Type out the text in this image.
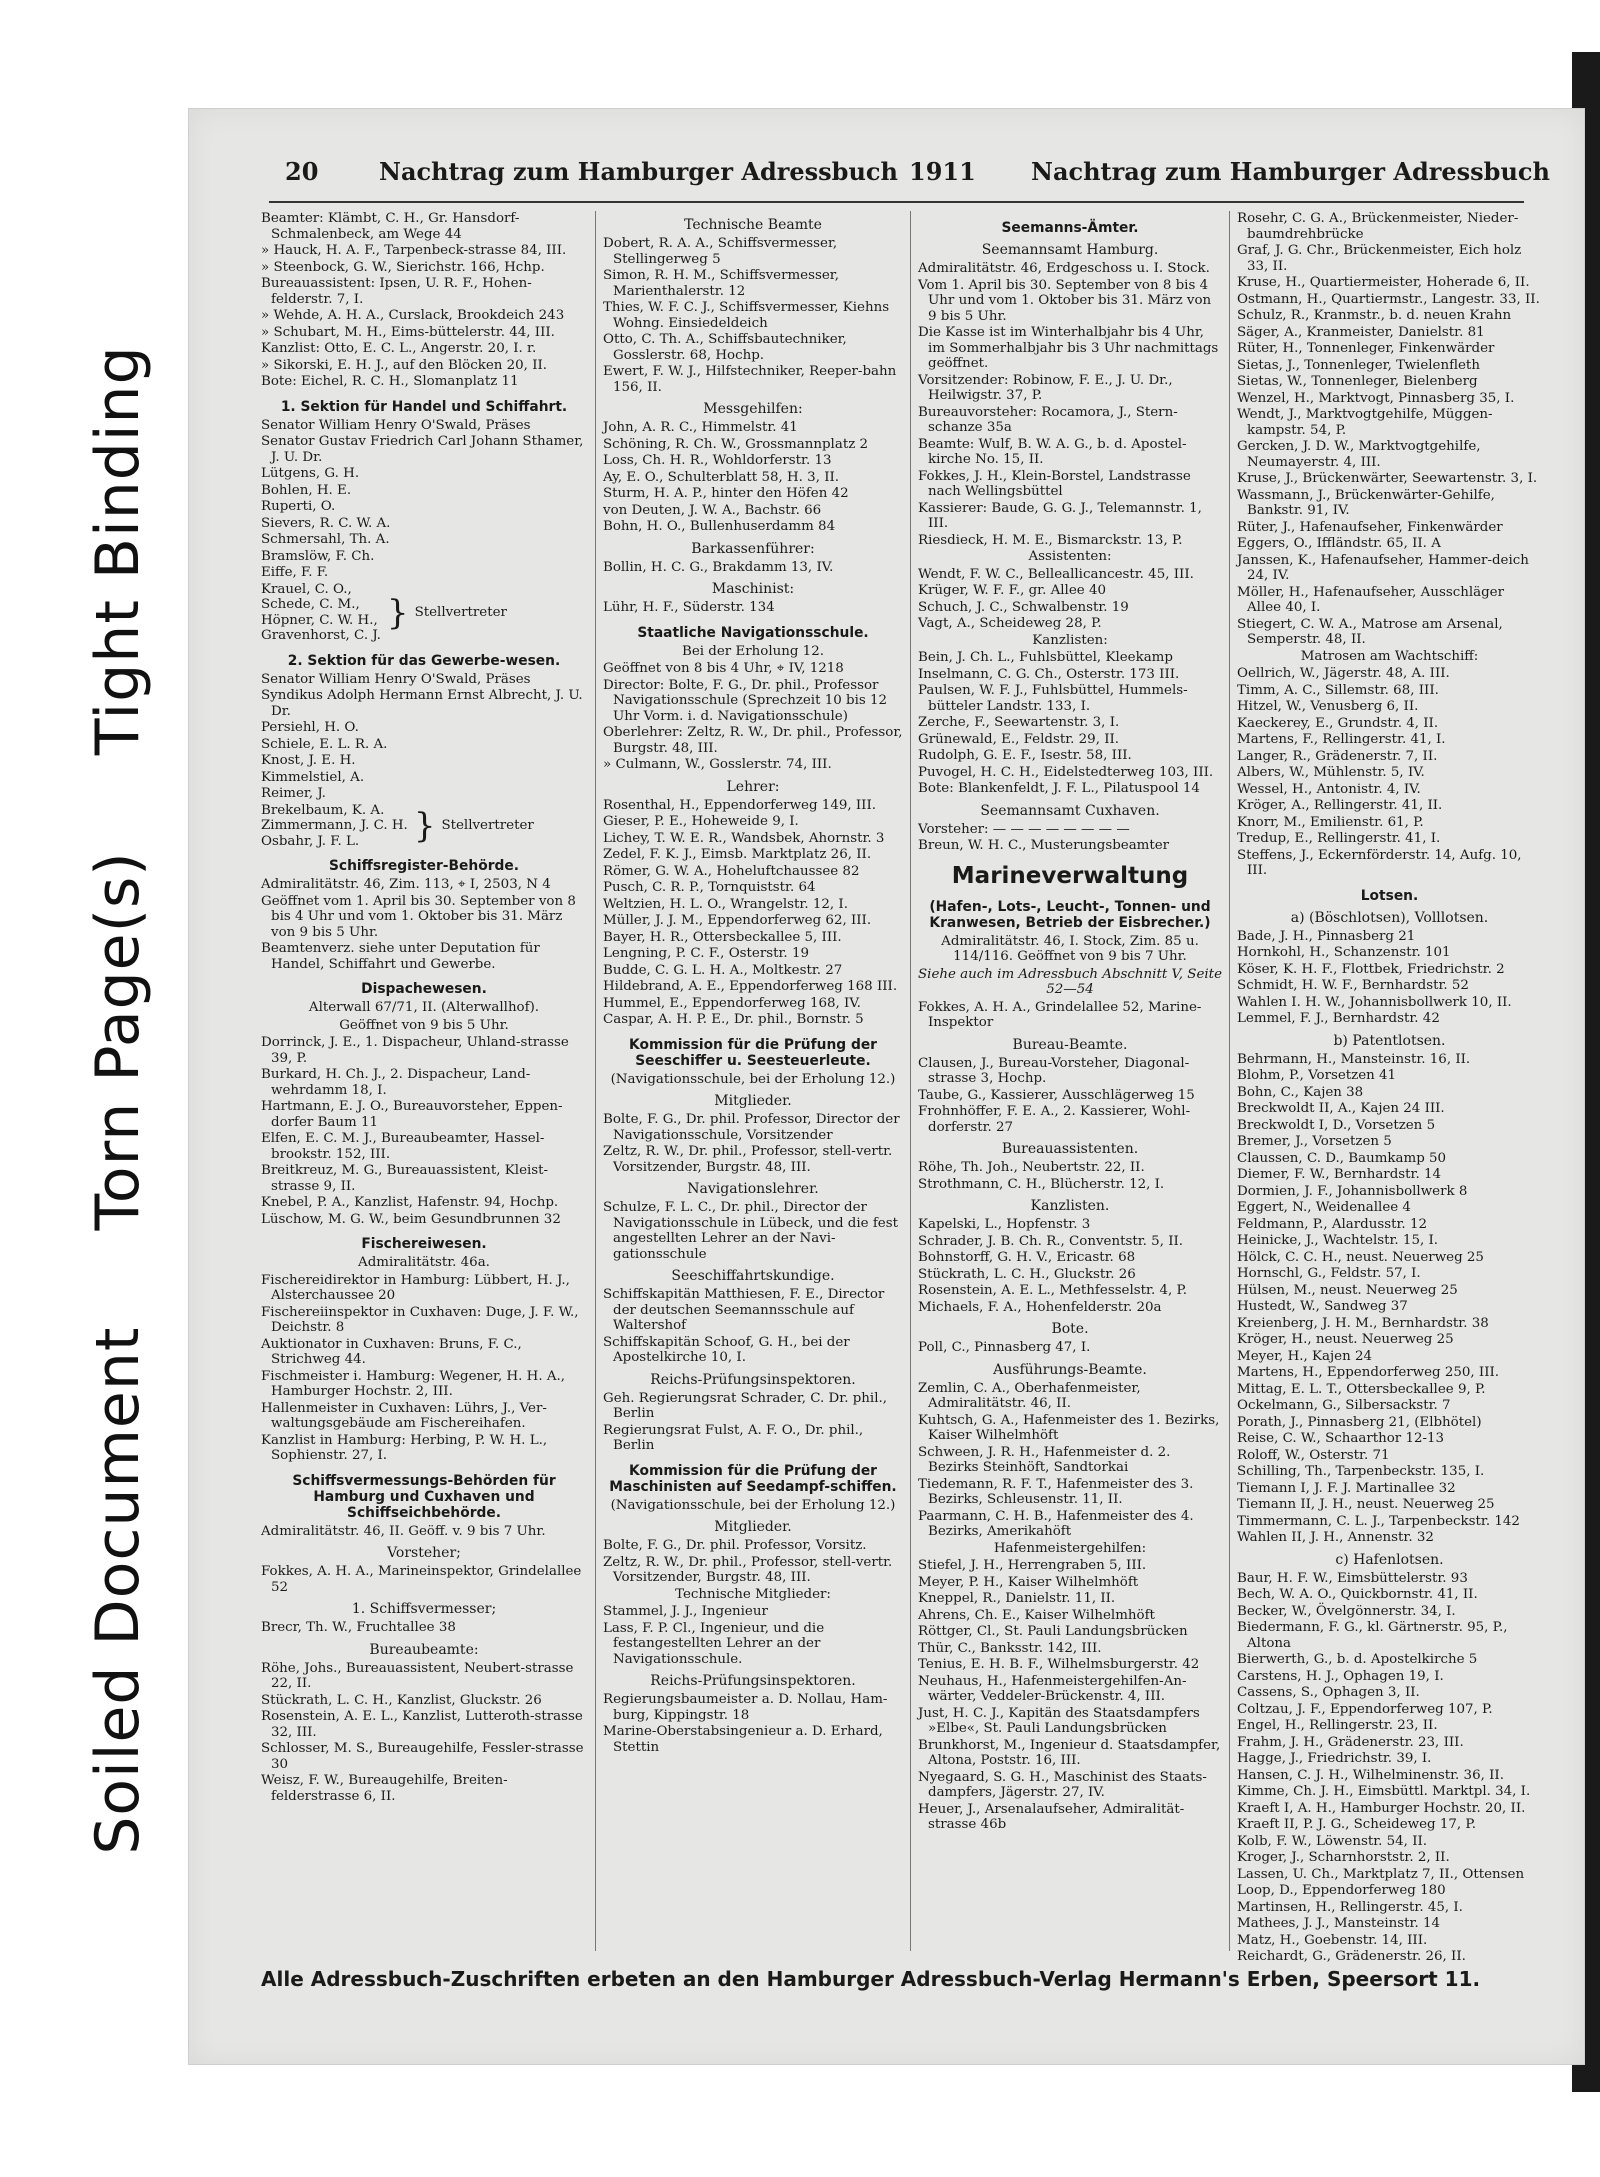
Soiled Document Torn Page(s) Tight Binding
20	Nachtrag zum Hamburger Adressbuch 1911 Nachtrag zum Hamburger Adressbuch

Beamter: Klämbt, C. H., Gr. Hansdorf-Schmalenbeck, am Wege 44

» Hauck, H. A. F., Tarpenbeck-strasse 84, III.

» Steenbock, G. W., Sierichstr. 166, Hchp.

Bureauassistent: Ipsen, U. R. F., Hohen-felderstr. 7, I.

» Wehde, A. H. A., Curslack, Brookdeich 243

» Schubart, M. H., Eims-büttelerstr. 44, III.

Kanzlist: Otto, E. C. L., Angerstr. 20, I. r.

» Sikorski, E. H. J., auf den Blöcken 20, II.

Bote: Eichel, R. C. H., Slomanplatz 11

1. Sektion für Handel und Schiffahrt.

Senator William Henry O'Swald, Präses

Senator Gustav Friedrich Carl Johann Sthamer, J. U. Dr.

Lütgens, G. H.

Bohlen, H. E.

Ruperti, O.

Sievers, R. C. W. A.

Schmersahl, Th. A.

Bramslöw, F. Ch.

Eiffe, F. F.

Krauel, C. O.,
Schede, C. M.,
Höpner, C. W. H.,
Gravenhorst, C. J.
} Stellvertreter
2. Sektion für das Gewerbe-wesen.

Senator William Henry O'Swald, Präses

Syndikus Adolph Hermann Ernst Albrecht, J. U. Dr.

Persiehl, H. O.

Schiele, E. L. R. A.

Knost, J. E. H.

Kimmelstiel, A.

Reimer, J.

Brekelbaum, K. A.
Zimmermann, J. C. H.
Osbahr, J. F. L.	} Stellvertreter
Schiffsregister-Behörde.

Admiralitätstr. 46, Zim. 113, ⌖ I, 2503, N 4

Geöffnet vom 1. April bis 30. September von 8 bis 4 Uhr und vom 1. Oktober bis 31. März von 9 bis 5 Uhr.

Beamtenverz. siehe unter Deputation für Handel, Schiffahrt und Gewerbe.

Dispachewesen.

Alterwall 67/71, II. (Alterwallhof).

Geöffnet von 9 bis 5 Uhr.

Dorrinck, J. E., 1. Dispacheur, Uhland-strasse 39, P.

Burkard, H. Ch. J., 2. Dispacheur, Land-wehrdamm 18, I.

Hartmann, E. J. O., Bureauvorsteher, Eppen-dorfer Baum 11

Elfen, E. C. M. J., Bureaubeamter, Hassel-brookstr. 152, III.

Breitkreuz, M. G., Bureauassistent, Kleist-strasse 9, II.

Knebel, P. A., Kanzlist, Hafenstr. 94, Hochp.

Lüschow, M. G. W., beim Gesundbrunnen 32

Fischereiwesen.

Admiralitätstr. 46a.

Fischereidirektor in Hamburg: Lübbert, H. J., Alsterchaussee 20

Fischereiinspektor in Cuxhaven: Duge, J. F. W., Deichstr. 8

Auktionator in Cuxhaven: Bruns, F. C., Strichweg 44.

Fischmeister i. Hamburg: Wegener, H. H. A., Hamburger Hochstr. 2, III.

Hallenmeister in Cuxhaven: Lührs, J., Ver-waltungsgebäude am Fischereihafen.

Kanzlist in Hamburg: Herbing, P. W. H. L., Sophienstr. 27, I.

Schiffsvermessungs-Behörden für Hamburg und Cuxhaven und Schiffseichbehörde.

Admiralitätstr. 46, II. Geöff. v. 9 bis 7 Uhr.

Vorsteher;

Fokkes, A. H. A., Marineinspektor, Grindelallee 52

1. Schiffsvermesser;

Brecr, Th. W., Fruchtallee 38

Bureaubeamte:

Röhe, Johs., Bureauassistent, Neubert-strasse 22, II.

Stückrath, L. C. H., Kanzlist, Gluckstr. 26

Rosenstein, A. E. L., Kanzlist, Lutteroth-strasse 32, III.

Schlosser, M. S., Bureaugehilfe, Fessler-strasse 30

Weisz, F. W., Bureaugehilfe, Breiten-felderstrasse 6, II.

Technische Beamte

Dobert, R. A. A., Schiffsvermesser, Stellingerweg 5

Simon, R. H. M., Schiffsvermesser, Marienthalerstr. 12

Thies, W. F. C. J., Schiffsvermesser, Kiehns Wohng. Einsiedeldeich

Otto, C. Th. A., Schiffsbautechniker, Gosslerstr. 68, Hochp.

Ewert, F. W. J., Hilfstechniker, Reeper-bahn 156, II.

Messgehilfen:

John, A. R. C., Himmelstr. 41

Schöning, R. Ch. W., Grossmannplatz 2

Loss, Ch. H. R., Wohldorferstr. 13

Ay, E. O., Schulterblatt 58, H. 3, II.

Sturm, H. A. P., hinter den Höfen 42

von Deuten, J. W. A., Bachstr. 66

Bohn, H. O., Bullenhuserdamm 84

Barkassenführer:

Bollin, H. C. G., Brakdamm 13, IV.

Maschinist:

Lühr, H. F., Süderstr. 134

Staatliche Navigationsschule.

Bei der Erholung 12.

Geöffnet von 8 bis 4 Uhr, ⌖ IV, 1218

Director: Bolte, F. G., Dr. phil., Professor Navigationsschule (Sprechzeit 10 bis 12 Uhr Vorm. i. d. Navigationsschule)

Oberlehrer: Zeltz, R. W., Dr. phil., Professor, Burgstr. 48, III.

» Culmann, W., Gosslerstr. 74, III.

Lehrer:

Rosenthal, H., Eppendorferweg 149, III.

Gieser, P. E., Hoheweide 9, I.

Lichey, T. W. E. R., Wandsbek, Ahornstr. 3

Zedel, F. K. J., Eimsb. Marktplatz 26, II.

Römer, G. W. A., Hoheluftchaussee 82

Pusch, C. R. P., Tornquiststr. 64

Weltzien, H. L. O., Wrangelstr. 12, I.

Müller, J. J. M., Eppendorferweg 62, III.

Bayer, H. R., Ottersbeckallee 5, III.

Lengning, P. C. F., Osterstr. 19

Budde, C. G. L. H. A., Moltkestr. 27

Hildebrand, A. E., Eppendorferweg 168 III.

Hummel, E., Eppendorferweg 168, IV.

Caspar, A. H. P. E., Dr. phil., Bornstr. 5

Kommission für die Prüfung der Seeschiffer u. Seesteuerleute.

(Navigationsschule, bei der Erholung 12.)

Mitglieder.

Bolte, F. G., Dr. phil. Professor, Director der Navigationsschule, Vorsitzender

Zeltz, R. W., Dr. phil., Professor, stell-vertr. Vorsitzender, Burgstr. 48, III.

Navigationslehrer.

Schulze, F. L. C., Dr. phil., Director der Navigationsschule in Lübeck, und die fest angestellten Lehrer an der Navi-gationsschule

Seeschiffahrtskundige.

Schiffskapitän Matthiesen, F. E., Director der deutschen Seemannsschule auf Waltershof

Schiffskapitän Schoof, G. H., bei der Apostelkirche 10, I.

Reichs-Prüfungsinspektoren.

Geh. Regierungsrat Schrader, C. Dr. phil., Berlin

Regierungsrat Fulst, A. F. O., Dr. phil., Berlin

Kommission für die Prüfung der Maschinisten auf Seedampf-schiffen.

(Navigationsschule, bei der Erholung 12.)

Mitglieder.

Bolte, F. G., Dr. phil. Professor, Vorsitz.

Zeltz, R. W., Dr. phil., Professor, stell-vertr. Vorsitzender, Burgstr. 48, III.

Technische Mitglieder:

Stammel, J. J., Ingenieur

Lass, F. P. Cl., Ingenieur, und die festangestellten Lehrer an der Navigationsschule.

Reichs-Prüfungsinspektoren.

Regierungsbaumeister a. D. Nollau, Ham-burg, Kippingstr. 18

Marine-Oberstabsingenieur a. D. Erhard, Stettin

Seemanns-Ämter.
Seemannsamt Hamburg.

Admiralitätstr. 46, Erdgeschoss u. I. Stock.

Vom 1. April bis 30. September von 8 bis 4 Uhr und vom 1. Oktober bis 31. März von 9 bis 5 Uhr.

Die Kasse ist im Winterhalbjahr bis 4 Uhr, im Sommerhalbjahr bis 3 Uhr nachmittags geöffnet.

Vorsitzender: Robinow, F. E., J. U. Dr., Heilwigstr. 37, P.

Bureauvorsteher: Rocamora, J., Stern-schanze 35a

Beamte: Wulf, B. W. A. G., b. d. Apostel-kirche No. 15, II.

Fokkes, J. H., Klein-Borstel, Landstrasse nach Wellingsbüttel

Kassierer: Baude, G. G. J., Telemannstr. 1, III.

Riesdieck, H. M. E., Bismarckstr. 13, P.

Assistenten:

Wendt, F. W. C., Belleallicancestr. 45, III.

Krüger, W. F. F., gr. Allee 40

Schuch, J. C., Schwalbenstr. 19

Vagt, A., Scheideweg 28, P.

Kanzlisten:

Bein, J. Ch. L., Fuhlsbüttel, Kleekamp

Inselmann, C. G. Ch., Osterstr. 173 III.

Paulsen, W. F. J., Fuhlsbüttel, Hummels-bütteler Landstr. 133, I.

Zerche, F., Seewartenstr. 3, I.

Grünewald, E., Feldstr. 29, II.

Rudolph, G. E. F., Isestr. 58, III.

Puvogel, H. C. H., Eidelstedterweg 103, III.

Bote: Blankenfeldt, J. F. L., Pilatuspool 14

Seemannsamt Cuxhaven.

Vorsteher: — — — — — — — —

Breun, W. H. C., Musterungsbeamter

Marineverwaltung
(Hafen-, Lots-, Leucht-, Tonnen- und Kranwesen, Betrieb der Eisbrecher.)

Admiralitätstr. 46, I. Stock, Zim. 85 u. 114/116. Geöffnet von 9 bis 7 Uhr.

Siehe auch im Adressbuch Abschnitt V, Seite 52—54

Fokkes, A. H. A., Grindelallee 52, Marine-Inspektor

Bureau-Beamte.

Clausen, J., Bureau-Vorsteher, Diagonal-strasse 3, Hochp.

Taube, G., Kassierer, Ausschlägerweg 15

Frohnhöffer, F. E. A., 2. Kassierer, Wohl-dorferstr. 27

Bureauassistenten.

Röhe, Th. Joh., Neubertstr. 22, II.

Strothmann, C. H., Blücherstr. 12, I.

Kanzlisten.

Kapelski, L., Hopfenstr. 3

Schrader, J. B. Ch. R., Conventstr. 5, II.

Bohnstorff, G. H. V., Ericastr. 68

Stückrath, L. C. H., Gluckstr. 26

Rosenstein, A. E. L., Methfesselstr. 4, P.

Michaels, F. A., Hohenfelderstr. 20a

Bote.

Poll, C., Pinnasberg 47, I.

Ausführungs-Beamte.

Zemlin, C. A., Oberhafenmeister, Admiralitätstr. 46, II.

Kuhtsch, G. A., Hafenmeister des 1. Bezirks, Kaiser Wilhelmhöft

Schween, J. R. H., Hafenmeister d. 2. Bezirks Steinhöft, Sandtorkai

Tiedemann, R. F. T., Hafenmeister des 3. Bezirks, Schleusenstr. 11, II.

Paarmann, C. H. B., Hafenmeister des 4. Bezirks, Amerikahöft

Hafenmeistergehilfen:

Stiefel, J. H., Herrengraben 5, III.

Meyer, P. H., Kaiser Wilhelmhöft

Kneppel, R., Danielstr. 11, II.

Ahrens, Ch. E., Kaiser Wilhelmhöft

Röttger, Cl., St. Pauli Landungsbrücken

Thür, C., Banksstr. 142, III.

Tenius, E. H. B. F., Wilhelmsburgerstr. 42

Neuhaus, H., Hafenmeistergehilfen-An-wärter, Veddeler-Brückenstr. 4, III.

Just, H. C. J., Kapitän des Staatsdampfers »Elbe«, St. Pauli Landungsbrücken

Brunkhorst, M., Ingenieur d. Staatsdampfer, Altona, Poststr. 16, III.

Nyegaard, S. G. H., Maschinist des Staats-dampfers, Jägerstr. 27, IV.

Heuer, J., Arsenalaufseher, Admiralität-strasse 46b

Rosehr, C. G. A., Brückenmeister, Nieder-baumdrehbrücke

Graf, J. G. Chr., Brückenmeister, Eich holz 33, II.

Kruse, H., Quartiermeister, Hoherade 6, II.

Ostmann, H., Quartiermstr., Langestr. 33, II.

Schulz, R., Kranmstr., b. d. neuen Krahn

Säger, A., Kranmeister, Danielstr. 81

Rüter, H., Tonnenleger, Finkenwärder

Sietas, J., Tonnenleger, Twielenfleth

Sietas, W., Tonnenleger, Bielenberg

Wenzel, H., Marktvogt, Pinnasberg 35, I.

Wendt, J., Marktvogtgehilfe, Müggen-kampstr. 54, P.

Gercken, J. D. W., Marktvogtgehilfe, Neumayerstr. 4, III.

Kruse, J., Brückenwärter, Seewartenstr. 3, I.

Wassmann, J., Brückenwärter-Gehilfe, Bankstr. 91, IV.

Rüter, J., Hafenaufseher, Finkenwärder

Eggers, O., Iffländstr. 65, II. A

Janssen, K., Hafenaufseher, Hammer-deich 24, IV.

Möller, H., Hafenaufseher, Ausschläger Allee 40, I.

Stiegert, C. W. A., Matrose am Arsenal, Semperstr. 48, II.

Matrosen am Wachtschiff:

Oellrich, W., Jägerstr. 48, A. III.

Timm, A. C., Sillemstr. 68, III.

Hitzel, W., Venusberg 6, II.

Kaeckerey, E., Grundstr. 4, II.

Martens, F., Rellingerstr. 41, I.

Langer, R., Grädenerstr. 7, II.

Albers, W., Mühlenstr. 5, IV.

Wessel, H., Antonistr. 4, IV.

Kröger, A., Rellingerstr. 41, II.

Knorr, M., Emilienstr. 61, P.

Tredup, E., Rellingerstr. 41, I.

Steffens, J., Eckernförderstr. 14, Aufg. 10, III.

Lotsen.
a) (Böschlotsen), Volllotsen.

Bade, J. H., Pinnasberg 21

Hornkohl, H., Schanzenstr. 101

Köser, K. H. F., Flottbek, Friedrichstr. 2

Schmidt, H. W. F., Bernhardstr. 52

Wahlen I. H. W., Johannisbollwerk 10, II.

Lemmel, F. J., Bernhardstr. 42

b) Patentlotsen.

Behrmann, H., Mansteinstr. 16, II.

Blohm, P., Vorsetzen 41

Bohn, C., Kajen 38

Breckwoldt II, A., Kajen 24 III.

Breckwoldt I, D., Vorsetzen 5

Bremer, J., Vorsetzen 5

Claussen, C. D., Baumkamp 50

Diemer, F. W., Bernhardstr. 14

Dormien, J. F., Johannisbollwerk 8

Eggert, N., Weidenallee 4

Feldmann, P., Alardusstr. 12

Heinicke, J., Wachtelstr. 15, I.

Hölck, C. C. H., neust. Neuerweg 25

Hornschl, G., Feldstr. 57, I.

Hülsen, M., neust. Neuerweg 25

Hustedt, W., Sandweg 37

Kreienberg, J. H. M., Bernhardstr. 38

Kröger, H., neust. Neuerweg 25

Meyer, H., Kajen 24

Martens, H., Eppendorferweg 250, III.

Mittag, E. L. T., Ottersbeckallee 9, P.

Ockelmann, G., Silbersackstr. 7

Porath, J., Pinnasberg 21, (Elbhötel)

Reise, C. W., Schaarthor 12-13

Roloff, W., Osterstr. 71

Schilling, Th., Tarpenbeckstr. 135, I.

Tiemann I, J. F. J. Martinallee 32

Tiemann II, J. H., neust. Neuerweg 25

Timmermann, C. L. J., Tarpenbeckstr. 142

Wahlen II, J. H., Annenstr. 32

c) Hafenlotsen.

Baur, H. F. W., Eimsbüttelerstr. 93

Bech, W. A. O., Quickbornstr. 41, II.

Becker, W., Övelgönnerstr. 34, I.

Biedermann, F. G., kl. Gärtnerstr. 95, P., Altona

Bierwerth, G., b. d. Apostelkirche 5

Carstens, H. J., Ophagen 19, I.

Cassens, S., Ophagen 3, II.

Coltzau, J. F., Eppendorferweg 107, P.

Engel, H., Rellingerstr. 23, II.

Frahm, J. H., Grädenerstr. 23, III.

Hagge, J., Friedrichstr. 39, I.

Hansen, C. J. H., Wilhelminenstr. 36, II.

Kimme, Ch. J. H., Eimsbüttl. Marktpl. 34, I.

Kraeft I, A. H., Hamburger Hochstr. 20, II.

Kraeft II, P. J. G., Scheideweg 17, P.

Kolb, F. W., Löwenstr. 54, II.

Kroger, J., Scharnhorststr. 2, II.

Lassen, U. Ch., Marktplatz 7, II., Ottensen

Loop, D., Eppendorferweg 180

Martinsen, H., Rellingerstr. 45, I.

Mathees, J. J., Mansteinstr. 14

Matz, H., Goebenstr. 14, III.

Reichardt, G., Grädenerstr. 26, II.

Alle Adressbuch-Zuschriften erbeten an den Hamburger Adressbuch-Verlag Hermann's Erben, Speersort 11.
